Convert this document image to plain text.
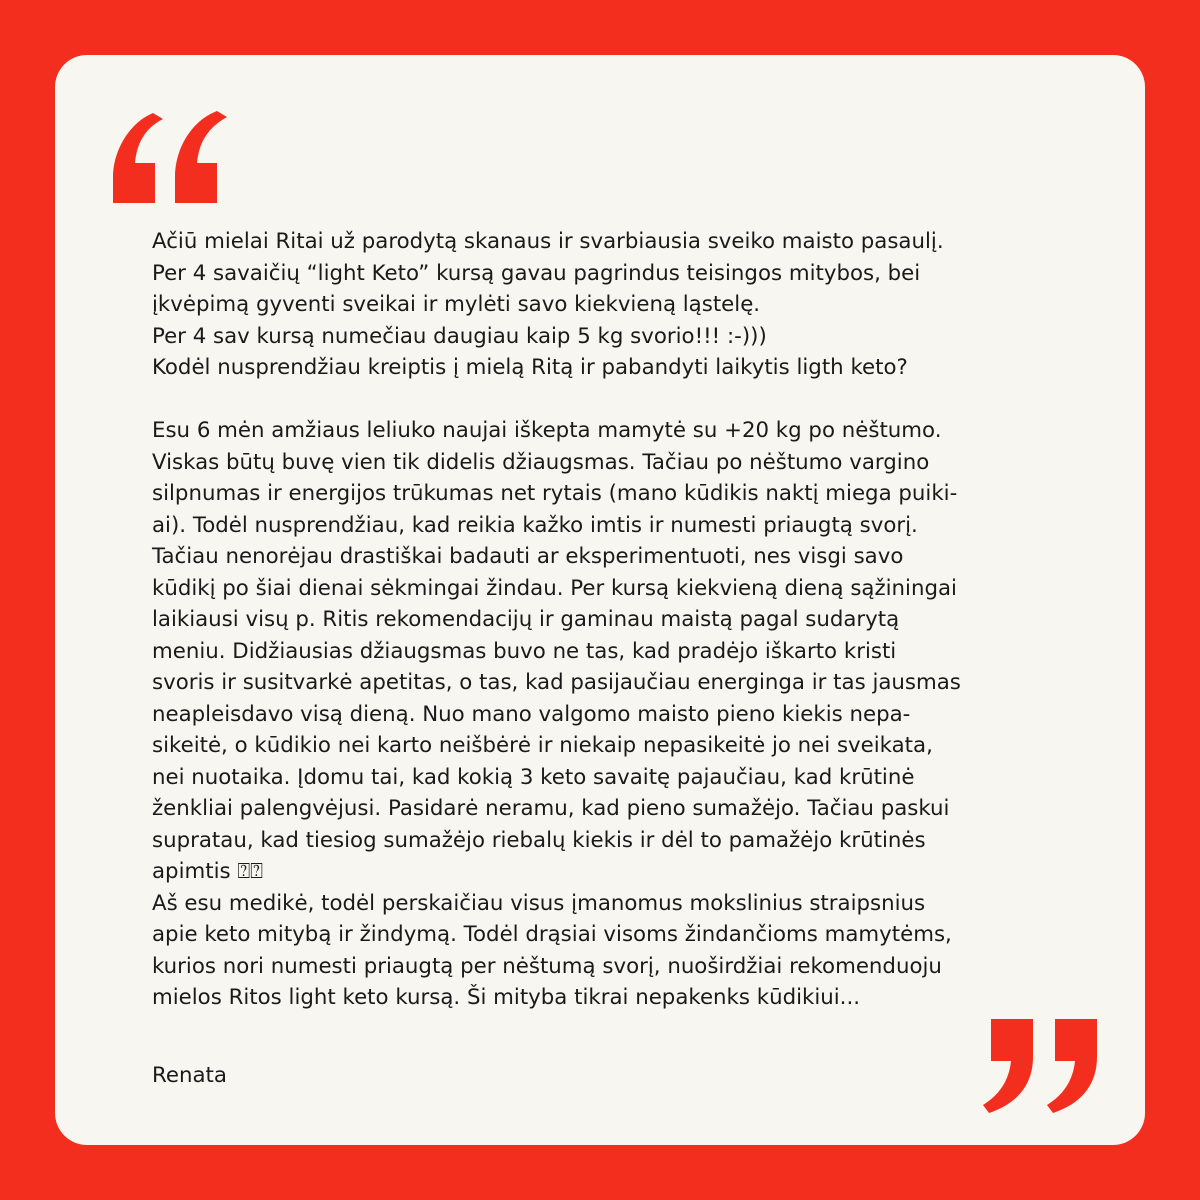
Ačiū mielai Ritai už parodytą skanaus ir svarbiausia sveiko maisto pasaulį.
Per 4 savaičių “light Keto” kursą gavau pagrindus teisingos mitybos, bei
įkvėpimą gyventi sveikai ir mylėti savo kiekvieną ląstelę.
Per 4 sav kursą numečiau daugiau kaip 5 kg svorio!!! :-)))
Kodėl nusprendžiau kreiptis į mielą Ritą ir pabandyti laikytis ligth keto?
Esu 6 mėn amžiaus leliuko naujai iškepta mamytė su +20 kg po nėštumo.
Viskas būtų buvę vien tik didelis džiaugsmas. Tačiau po nėštumo vargino
silpnumas ir energijos trūkumas net rytais (mano kūdikis naktį miega puiki-
ai). Todėl nusprendžiau, kad reikia kažko imtis ir numesti priaugtą svorį.
Tačiau nenorėjau drastiškai badauti ar eksperimentuoti, nes visgi savo
kūdikį po šiai dienai sėkmingai žindau. Per kursą kiekvieną dieną sąžiningai
laikiausi visų p. Ritis rekomendacijų ir gaminau maistą pagal sudarytą
meniu. Didžiausias džiaugsmas buvo ne tas, kad pradėjo iškarto kristi
svoris ir susitvarkė apetitas, o tas, kad pasijaučiau energinga ir tas jausmas
neapleisdavo visą dieną. Nuo mano valgomo maisto pieno kiekis nepa-
sikeitė, o kūdikio nei karto neišbėrė ir niekaip nepasikeitė jo nei sveikata,
nei nuotaika. Įdomu tai, kad kokią 3 keto savaitę pajaučiau, kad krūtinė
ženkliai palengvėjusi. Pasidarė neramu, kad pieno sumažėjo. Tačiau paskui
supratau, kad tiesiog sumažėjo riebalų kiekis ir dėl to pamažėjo krūtinės
apimtis ⍰⍰
Aš esu medikė, todėl perskaičiau visus įmanomus mokslinius straipsnius
apie keto mitybą ir žindymą. Todėl drąsiai visoms žindančioms mamytėms,
kurios nori numesti priaugtą per nėštumą svorį, nuoširdžiai rekomenduoju
mielos Ritos light keto kursą. Ši mityba tikrai nepakenks kūdikiui...
Renata
